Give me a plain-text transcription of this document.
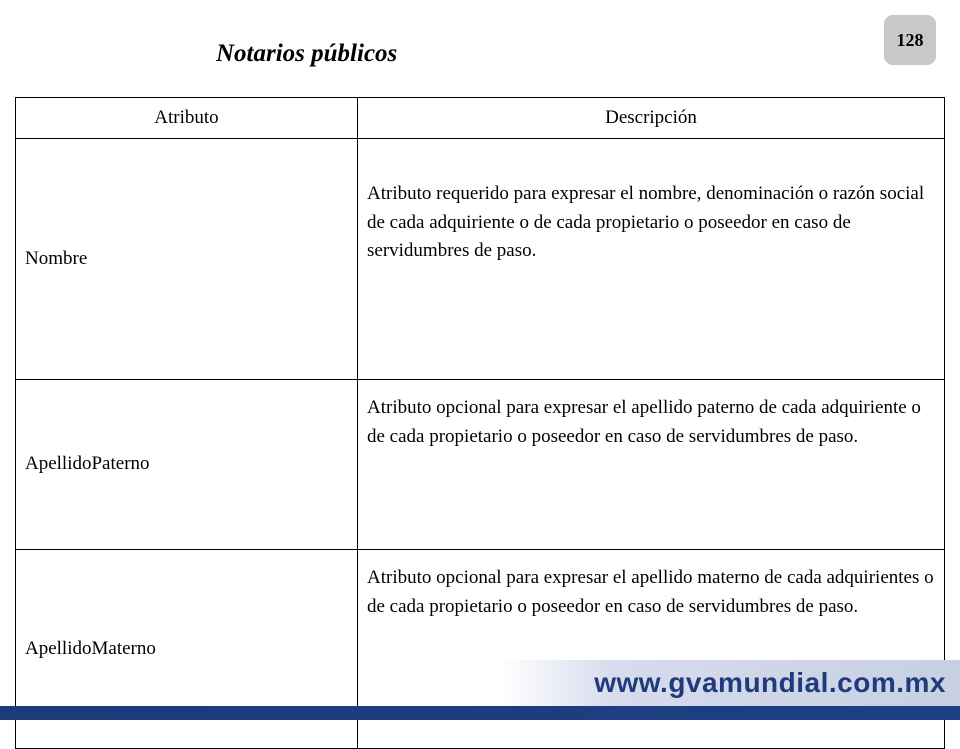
128
Notarios públicos
Atributo	Descripción
Nombre	Atributo requerido para expresar el nombre, denominación o razón social de cada adquiriente o de cada propietario o poseedor en caso de servidumbres de paso.
ApellidoPaterno	Atributo opcional para expresar el apellido paterno de cada adquiriente o de cada propietario o poseedor en caso de servidumbres de paso.
ApellidoMaterno	Atributo opcional para expresar el apellido materno de cada adquirientes o de cada propietario o poseedor en caso de servidumbres de paso.
www.gvamundial.com.mx
